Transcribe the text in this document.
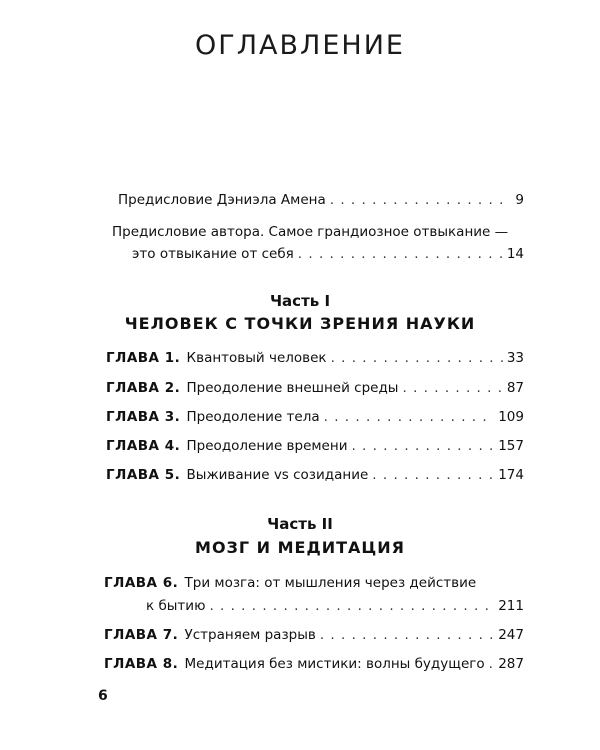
ОГЛАВЛЕНИЕ
Предисловие Дэниэла Амена . . .	9
Предисловие автора. Самое грандиозное отвыкание —
это отвыкание от себя . . .	14
Часть I
ЧЕЛОВЕК С ТОЧКИ ЗРЕНИЯ НАУКИ
ГЛАВА 1. Квантовый человек . . .	33
ГЛАВА 2. Преодоление внешней среды . . .	87
ГЛАВА 3. Преодоление тела . . .	109
ГЛАВА 4. Преодоление времени . . .	157
ГЛАВА 5. Выживание vs созидание . . .	174
Часть II
МОЗГ И МЕДИТАЦИЯ
ГЛАВА 6. Три мозга: от мышления через действие
к бытию . . .	211
ГЛАВА 7. Устраняем разрыв . . .	247
ГЛАВА 8. Медитация без мистики: волны будущего . . . 287
6
